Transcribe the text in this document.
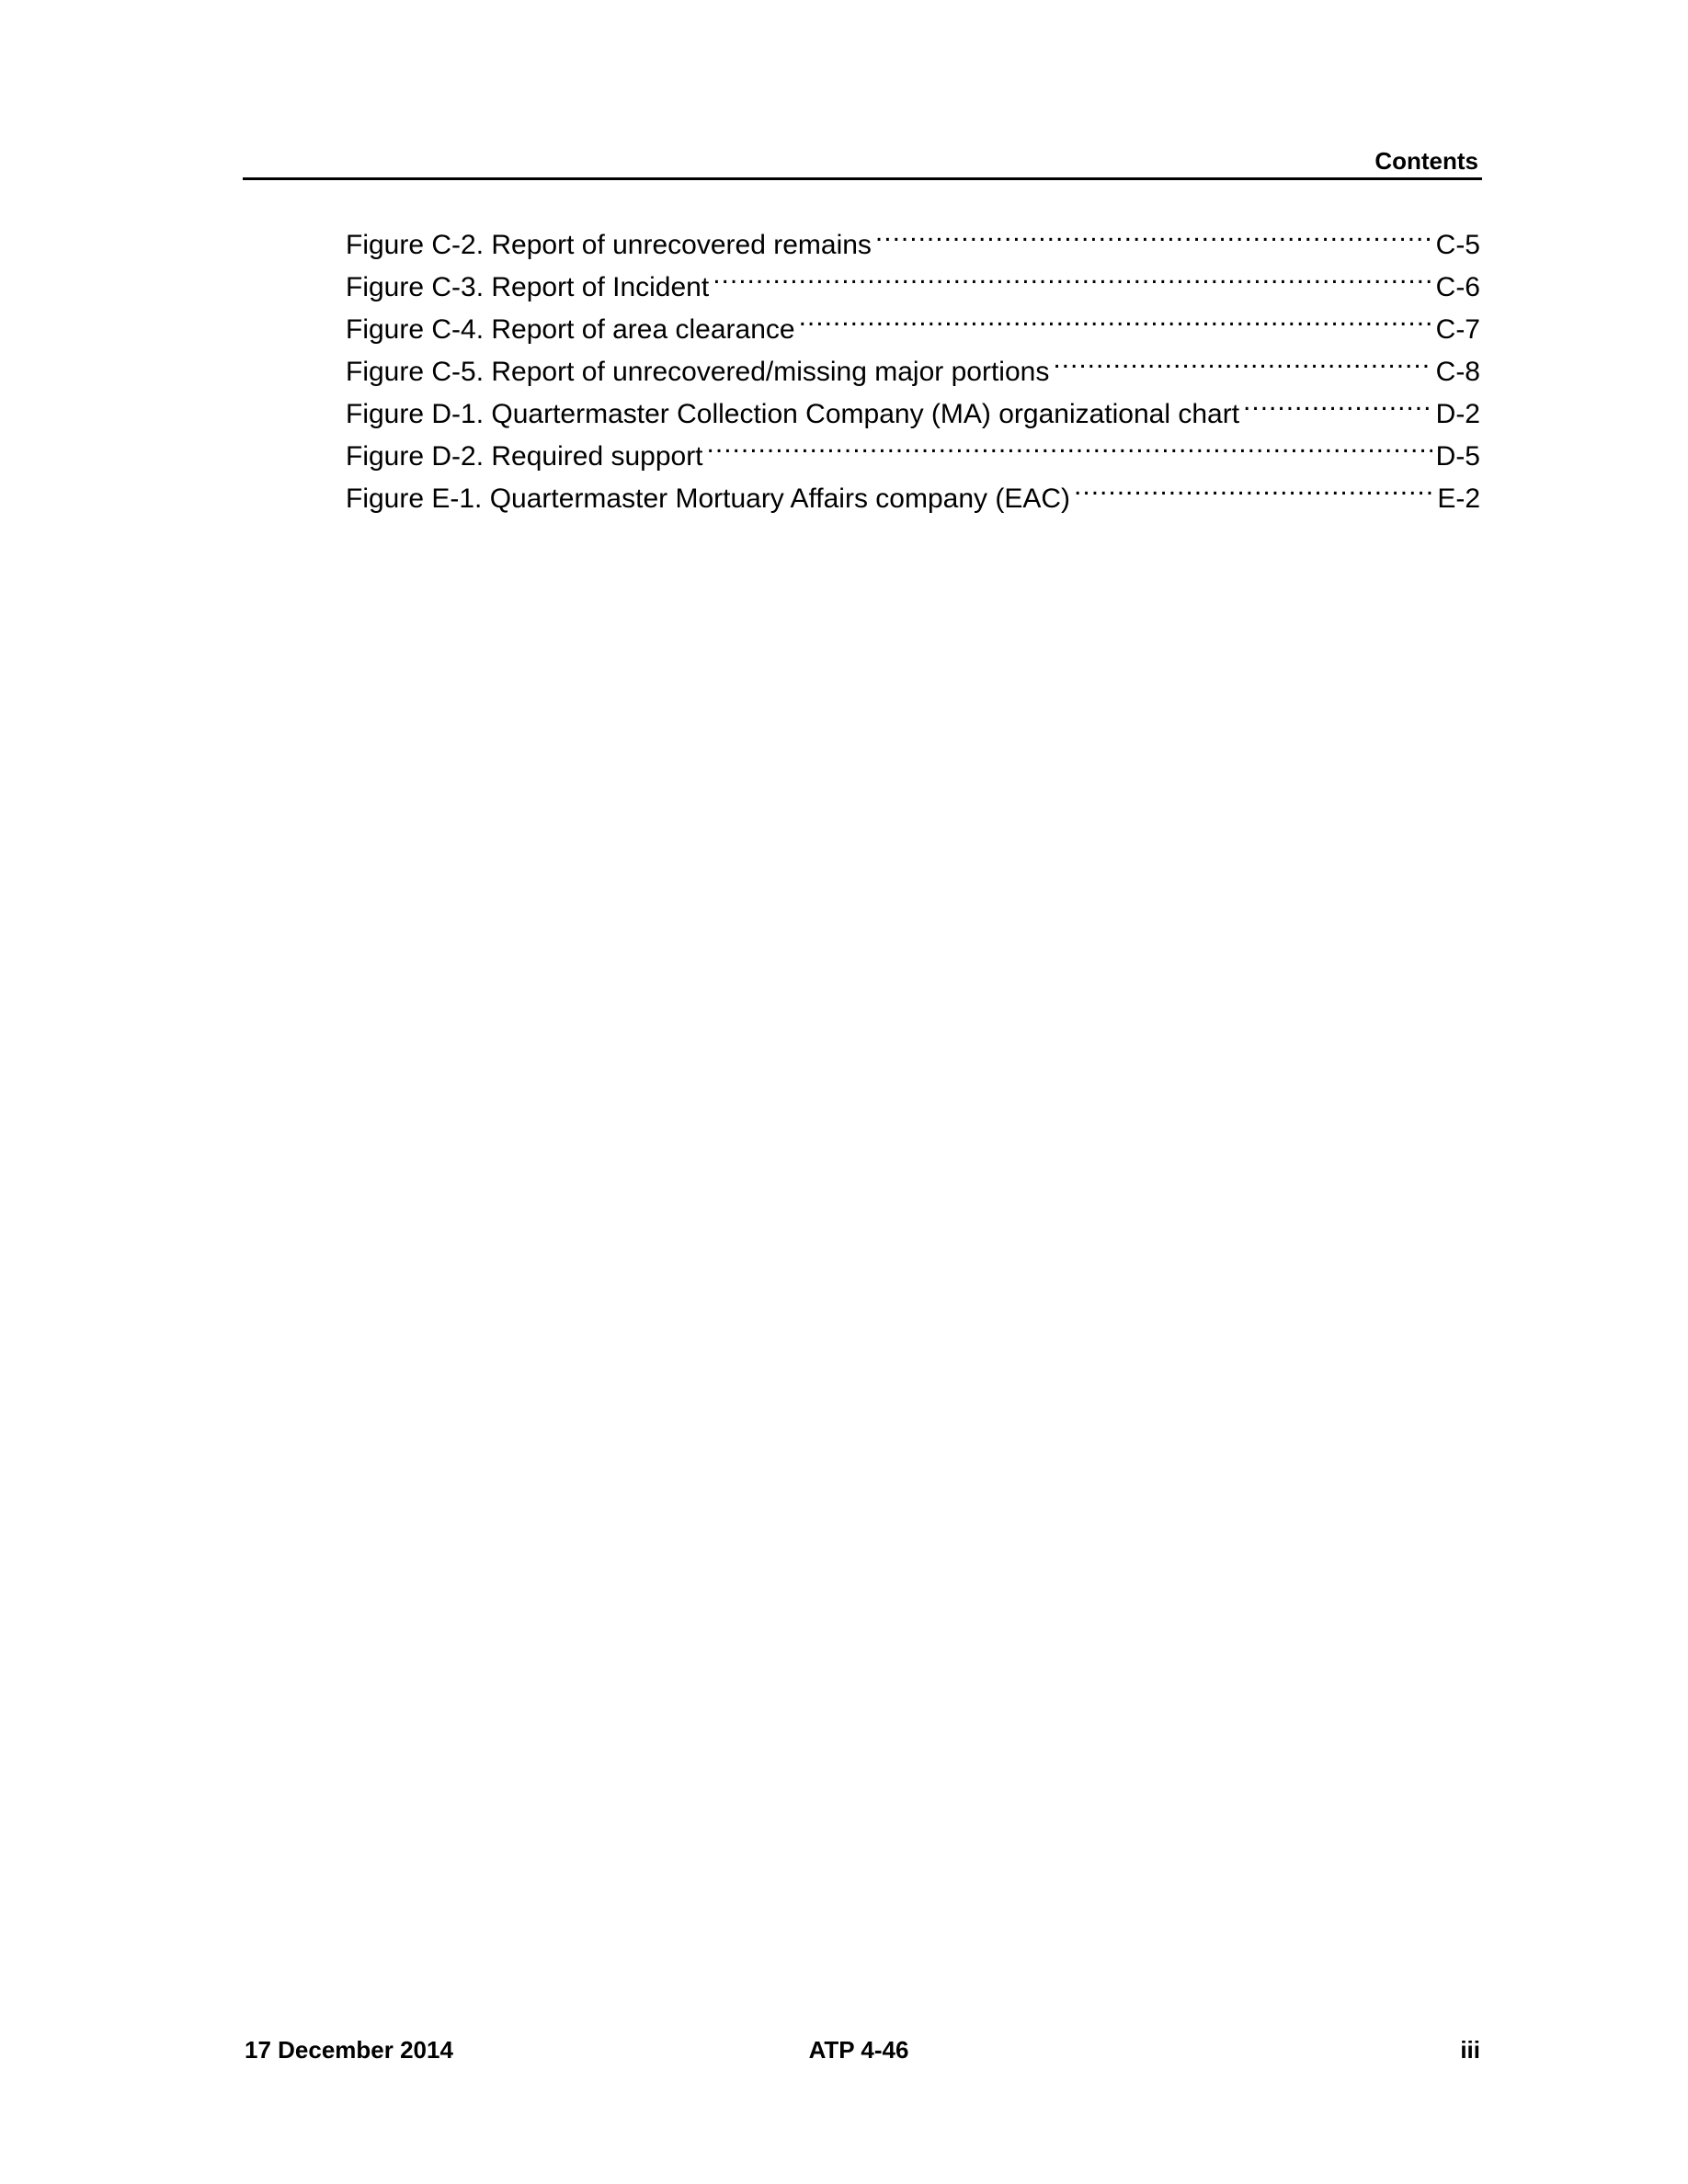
Contents
Figure C-2. Report of unrecovered remains .....	C-5
Figure C-3. Report of Incident .....	C-6
Figure C-4. Report of area clearance .....	C-7
Figure C-5. Report of unrecovered/missing major portions .....	C-8
Figure D-1. Quartermaster Collection Company (MA) organizational chart .....	D-2
Figure D-2. Required support .....	D-5
Figure E-1. Quartermaster Mortuary Affairs company (EAC) .....	E-2
17 December 2014	ATP 4-46	iii
